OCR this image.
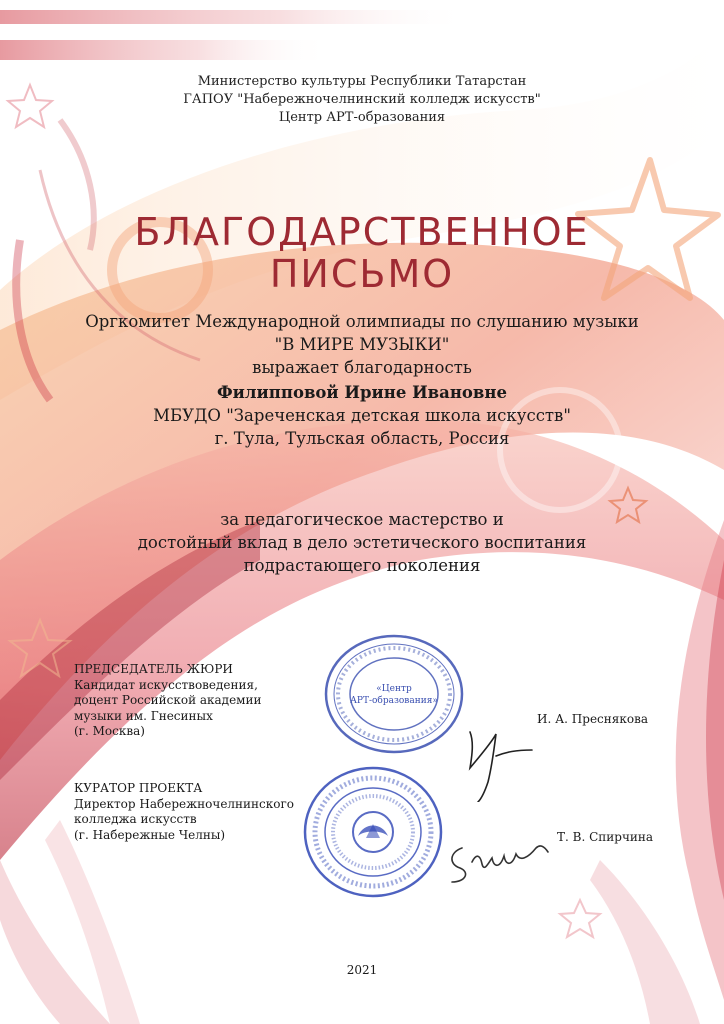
Министерство культуры Республики Татарстан
ГАПОУ "Набережночелнинский колледж искусств"
Центр АРТ-образования
БЛАГОДАРСТВЕННОЕ
ПИСЬМО
Оргкомитет Международной олимпиады по слушанию музыки
"В МИРЕ МУЗЫКИ"
выражает благодарность
Филипповой Ирине Ивановне
МБУДО "Зареченская детская школа искусств"
г. Тула, Тульская область, Россия
за педагогическое мастерство и
достойный вклад в дело эстетического воспитания
подрастающего поколения
ПРЕДСЕДАТЕЛЬ ЖЮРИ
Кандидат искусствоведения,
доцент Российской академии
музыки им. Гнесиных
(г. Москва)
И. А. Преснякова
КУРАТОР ПРОЕКТА
Директор Набережночелнинского
колледжа искусств
(г. Набережные Челны)	Т. В. Спирчина
«Центр
АРТ-образования»
2021
